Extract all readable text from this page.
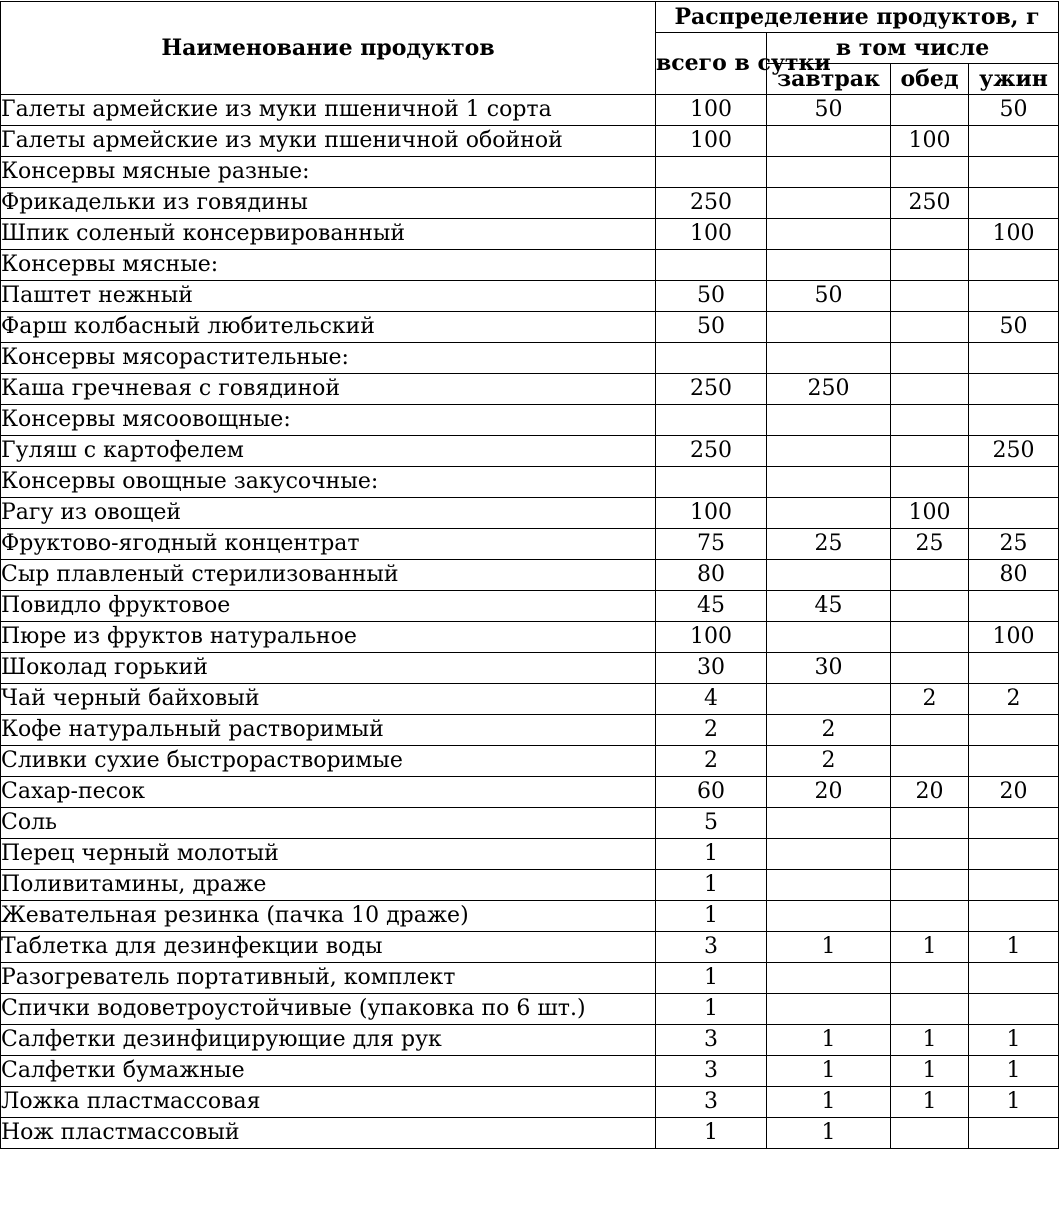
Наименование продуктов	Распределение продуктов, г			
	всего в сутки	в том числе		
		завтрак	обед	ужин
Галеты армейские из муки пшеничной 1 сорта	100	50		50
Галеты армейские из муки пшеничной обойной	100		100	
Консервы мясные разные:				
Фрикадельки из говядины	250		250	
Шпик соленый консервированный	100			100
Консервы мясные:				
Паштет нежный	50	50		
Фарш колбасный любительский	50			50
Консервы мясорастительные:				
Каша гречневая с говядиной	250	250		
Консервы мясоовощные:				
Гуляш с картофелем	250			250
Консервы овощные закусочные:				
Рагу из овощей	100		100	
Фруктово-ягодный концентрат	75	25	25	25
Сыр плавленый стерилизованный	80			80
Повидло фруктовое	45	45		
Пюре из фруктов натуральное	100			100
Шоколад горький	30	30		
Чай черный байховый	4		2	2
Кофе натуральный растворимый	2	2		
Сливки сухие быстрорастворимые	2	2		
Сахар-песок	60	20	20	20
Соль	5			
Перец черный молотый	1			
Поливитамины, драже	1			
Жевательная резинка (пачка 10 драже)	1			
Таблетка для дезинфекции воды	3	1	1	1
Разогреватель портативный, комплект	1			
Спички водоветроустойчивые (упаковка по 6 шт.)	1			
Салфетки дезинфицирующие для рук	3	1	1	1
Салфетки бумажные	3	1	1	1
Ложка пластмассовая	3	1	1	1
Нож пластмассовый	1	1		
